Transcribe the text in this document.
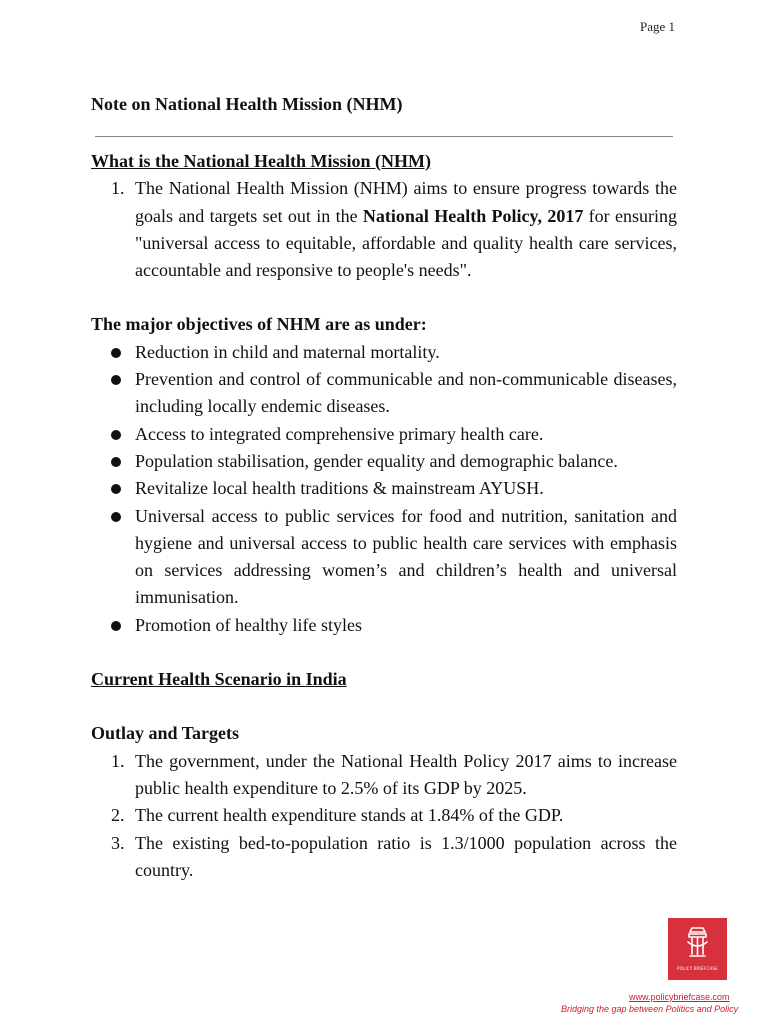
Page 1
Note on National Health Mission (NHM)

What is the National Health Mission (NHM)

1. The National Health Mission (NHM) aims to ensure progress towards the goals and targets set out in the National Health Policy, 2017 for ensuring "universal access to equitable, affordable and quality health care services, accountable and responsive to people's needs".

The major objectives of NHM are as under:

Reduction in child and maternal mortality.
Prevention and control of communicable and non-communicable diseases, including locally endemic diseases.
Access to integrated comprehensive primary health care.
Population stabilisation, gender equality and demographic balance.
Revitalize local health traditions & mainstream AYUSH.
Universal access to public services for food and nutrition, sanitation and hygiene and universal access to public health care services with emphasis on services addressing women’s and children’s health and universal immunisation.
Promotion of healthy life styles

Current Health Scenario in India

Outlay and Targets

1. The government, under the National Health Policy 2017 aims to increase public health expenditure to 2.5% of its GDP by 2025.
2. The current health expenditure stands at 1.84% of the GDP.
3. The existing bed-to-population ratio is 1.3/1000 population across the country.
POLICY BRIEFCASE
www.policybriefcase.com
Bridging the gap between Politics and Policy
